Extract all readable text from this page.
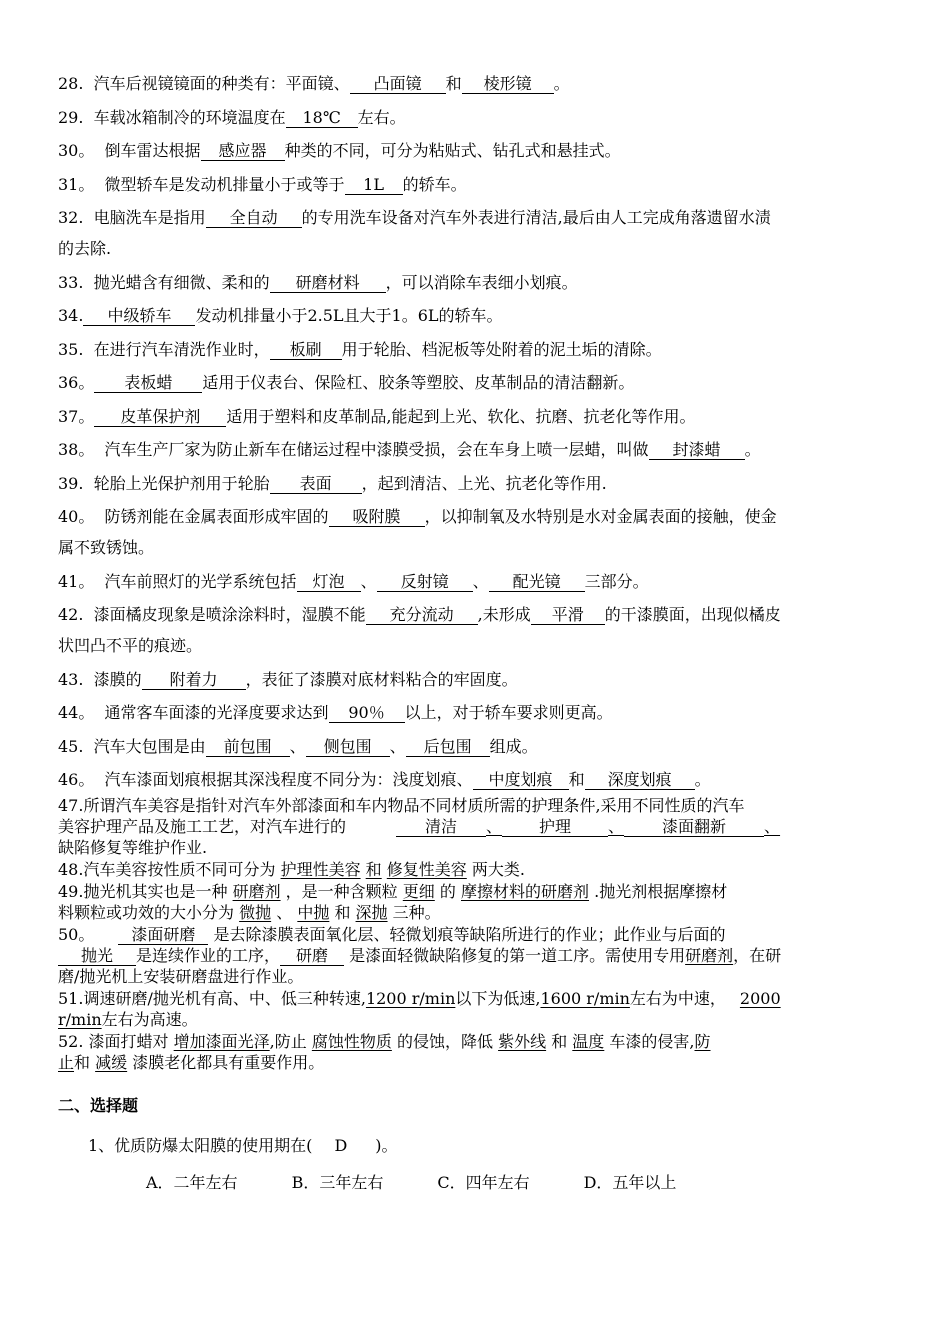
28. 汽车后视镜镜面的种类有：平面镜、 凸面镜 和 棱形镜 。
29. 车载冰箱制冷的环境温度在 18℃ 左右。
30。 倒车雷达根据 感应器 种类的不同，可分为粘贴式、钻孔式和悬挂式。
31。 微型轿车是发动机排量小于或等于 1L 的轿车。
32. 电脑洗车是指用 全自动 的专用洗车设备对汽车外表进行清洁,最后由人工完成角落遗留水渍
的去除.
33. 抛光蜡含有细微、柔和的 研磨材料 ，可以消除车表细小划痕。
34. 中级轿车 发动机排量小于2.5L且大于1。6L的轿车。
35. 在进行汽车清洗作业时， 板刷 用于轮胎、档泥板等处附着的泥土垢的清除。
36。 表板蜡 适用于仪表台、保险杠、胶条等塑胶、皮革制品的清洁翻新。
37。 皮革保护剂 适用于塑料和皮革制品,能起到上光、软化、抗磨、抗老化等作用。
38。 汽车生产厂家为防止新车在储运过程中漆膜受损，会在车身上喷一层蜡，叫做 封漆蜡 。
39. 轮胎上光保护剂用于轮胎 表面 ，起到清洁、上光、抗老化等作用.
40。 防锈剂能在金属表面形成牢固的 吸附膜 ，以抑制氧及水特别是水对金属表面的接触，使金
属不致锈蚀。
41。 汽车前照灯的光学系统包括 灯泡 、 反射镜 、 配光镜 三部分。
42. 漆面橘皮现象是喷涂涂料时，湿膜不能 充分流动 ,未形成 平滑 的干漆膜面，出现似橘皮
状凹凸不平的痕迹。
43. 漆膜的 附着力 ，表征了漆膜对底材料粘合的牢固度。
44。 通常客车面漆的光泽度要求达到 90％ 以上，对于轿车要求则更高。
45. 汽车大包围是由 前包围 、 侧包围 、 后包围 组成。
46。 汽车漆面划痕根据其深浅程度不同分为：浅度划痕、 中度划痕 和 深度划痕 。
47.所谓汽车美容是指针对汽车外部漆面和车内物品不同材质所需的护理条件,采用不同性质的汽车
美容护理产品及施工工艺，对汽车进行的	清洁 、 护理 、 漆面翻新 、
缺陷修复等维护作业.
48.汽车美容按性质不同可分为 护理性美容 和 修复性美容 两大类.
49.抛光机其实也是一种 研磨剂 ，是一种含颗粒 更细 的 摩擦材料的研磨剂 .抛光剂根据摩擦材
料颗粒或功效的大小分为 微抛 、 中抛 和 深抛 三种。
50。 漆面研磨 是去除漆膜表面氧化层、轻微划痕等缺陷所进行的作业；此作业与后面的
抛光 是连续作业的工序， 研磨 是漆面轻微缺陷修复的第一道工序。需使用专用研磨剂，在研
磨/抛光机上安装研磨盘进行作业。
51.调速研磨/抛光机有高、中、低三种转速,1200 r/min以下为低速,1600 r/min左右为中速， 2000
r/min左右为高速。
52. 漆面打蜡对 增加漆面光泽,防止 腐蚀性物质 的侵蚀，降低 紫外线 和 温度 车漆的侵害,防
止和 减缓 漆膜老化都具有重要作用。
二、选择题
1、优质防爆太阳膜的使用期在( D )。
A．二年左右	B．三年左右	C．四年左右	D．五年以上
